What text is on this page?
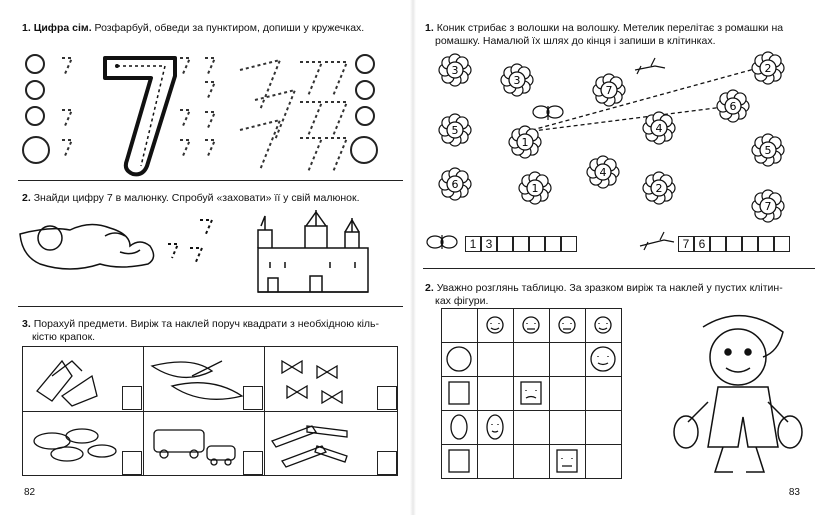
1. Цифра сім. Розфарбуй, обведи за пунктиром, допиши у кружечках.
2. Знайди цифру 7 в малюнку. Спробуй «заховати» її у свій малюнок.
3. Порахуй предмети. Виріж та наклей поруч квадрати з необхідною кіль-
кістю крапок.
82
1. Коник стрибає з волошки на волошку. Метелик перелітає з ромашки на
ромашку. Намалюй їх шлях до кінця і запиши в клітинках.
3
3
7
2
5
1
4
6
6	1
4
2
5
7
1 3	7 6
2. Уважно розглянь таблицю. За зразком виріж та наклей у пустих клітин-
ках фігури.
83
